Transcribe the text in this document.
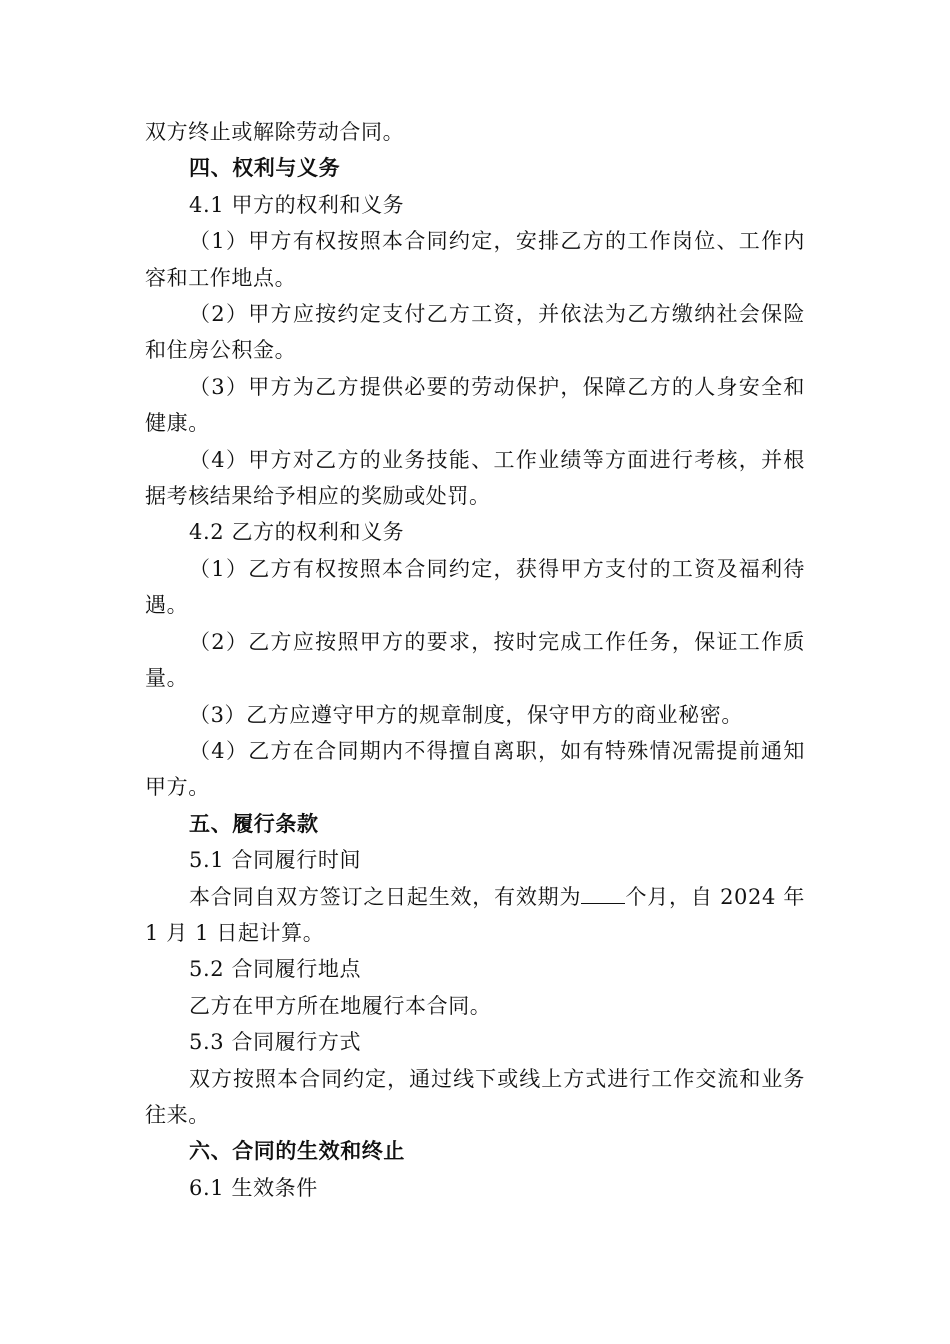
双方终止或解除劳动合同。

四、权利与义务

4.1 甲方的权利和义务

（1）甲方有权按照本合同约定，安排乙方的工作岗位、工作内容和工作地点。

（2）甲方应按约定支付乙方工资，并依法为乙方缴纳社会保险和住房公积金。

（3）甲方为乙方提供必要的劳动保护，保障乙方的人身安全和健康。

（4）甲方对乙方的业务技能、工作业绩等方面进行考核，并根据考核结果给予相应的奖励或处罚。

4.2 乙方的权利和义务

（1）乙方有权按照本合同约定，获得甲方支付的工资及福利待遇。

（2）乙方应按照甲方的要求，按时完成工作任务，保证工作质量。

（3）乙方应遵守甲方的规章制度，保守甲方的商业秘密。

（4）乙方在合同期内不得擅自离职，如有特殊情况需提前通知甲方。

五、履行条款

5.1 合同履行时间

本合同自双方签订之日起生效，有效期为 个月，自 2024 年 1 月 1 日起计算。

5.2 合同履行地点

乙方在甲方所在地履行本合同。

5.3 合同履行方式

双方按照本合同约定，通过线下或线上方式进行工作交流和业务往来。

六、合同的生效和终止

6.1 生效条件
